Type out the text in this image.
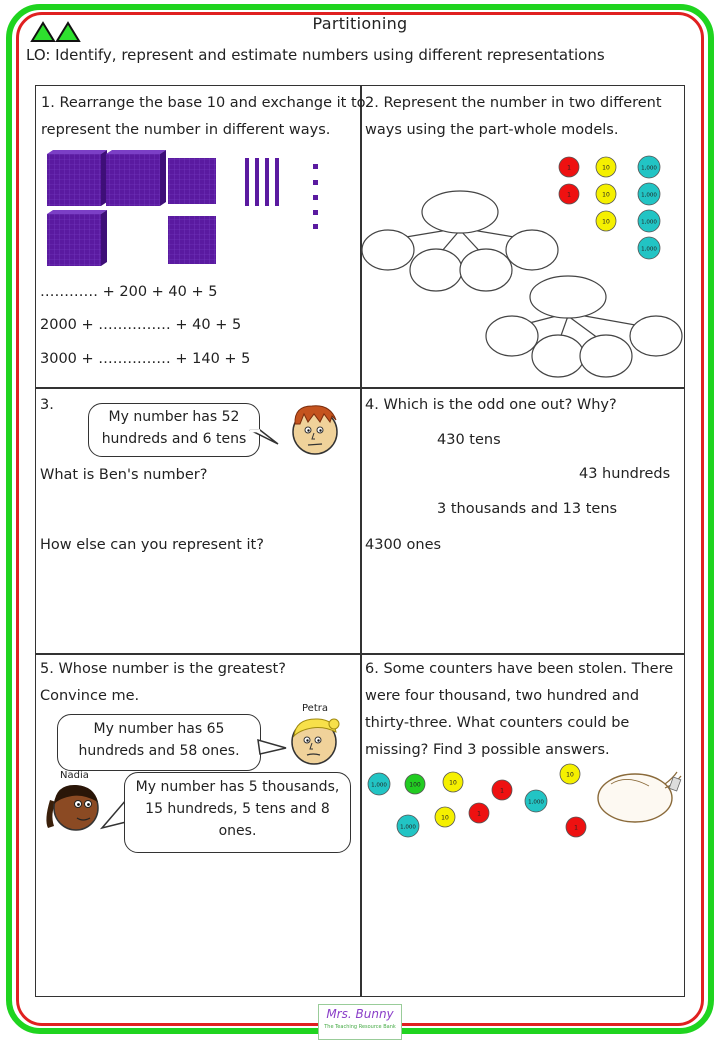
Partitioning
LO: Identify, represent and estimate numbers using different representations
1. Rearrange the base 10 and exchange it to
represent the number in different ways.
………… + 200 + 40 + 5
2000 + …………… + 40 + 5
3000 + …………… + 140 + 5
2. Represent the number in two different
ways using the part-whole models.
1
1
10
10
10
1,000
1,000
1,000
1,000
3.
My number has 52
hundreds and 6 tens
What is Ben's number?
How else can you represent it?
4. Which is the odd one out? Why?
430 tens
43 hundreds
3 thousands and 13 tens
4300 ones
5. Whose number is the greatest?
Convince me.
My number has 65
hundreds and 58 ones.
Petra
Nadia
My number has 5 thousands,
15 hundreds, 5 tens and 8
ones.
6. Some counters have been stolen. There
were four thousand, two hundred and
thirty-three. What counters could be
missing? Find 3 possible answers.
1,000	100	10
1
1,000
10
1
1,000
10
1
Mrs. Bunny
The Teaching Resource Bank
